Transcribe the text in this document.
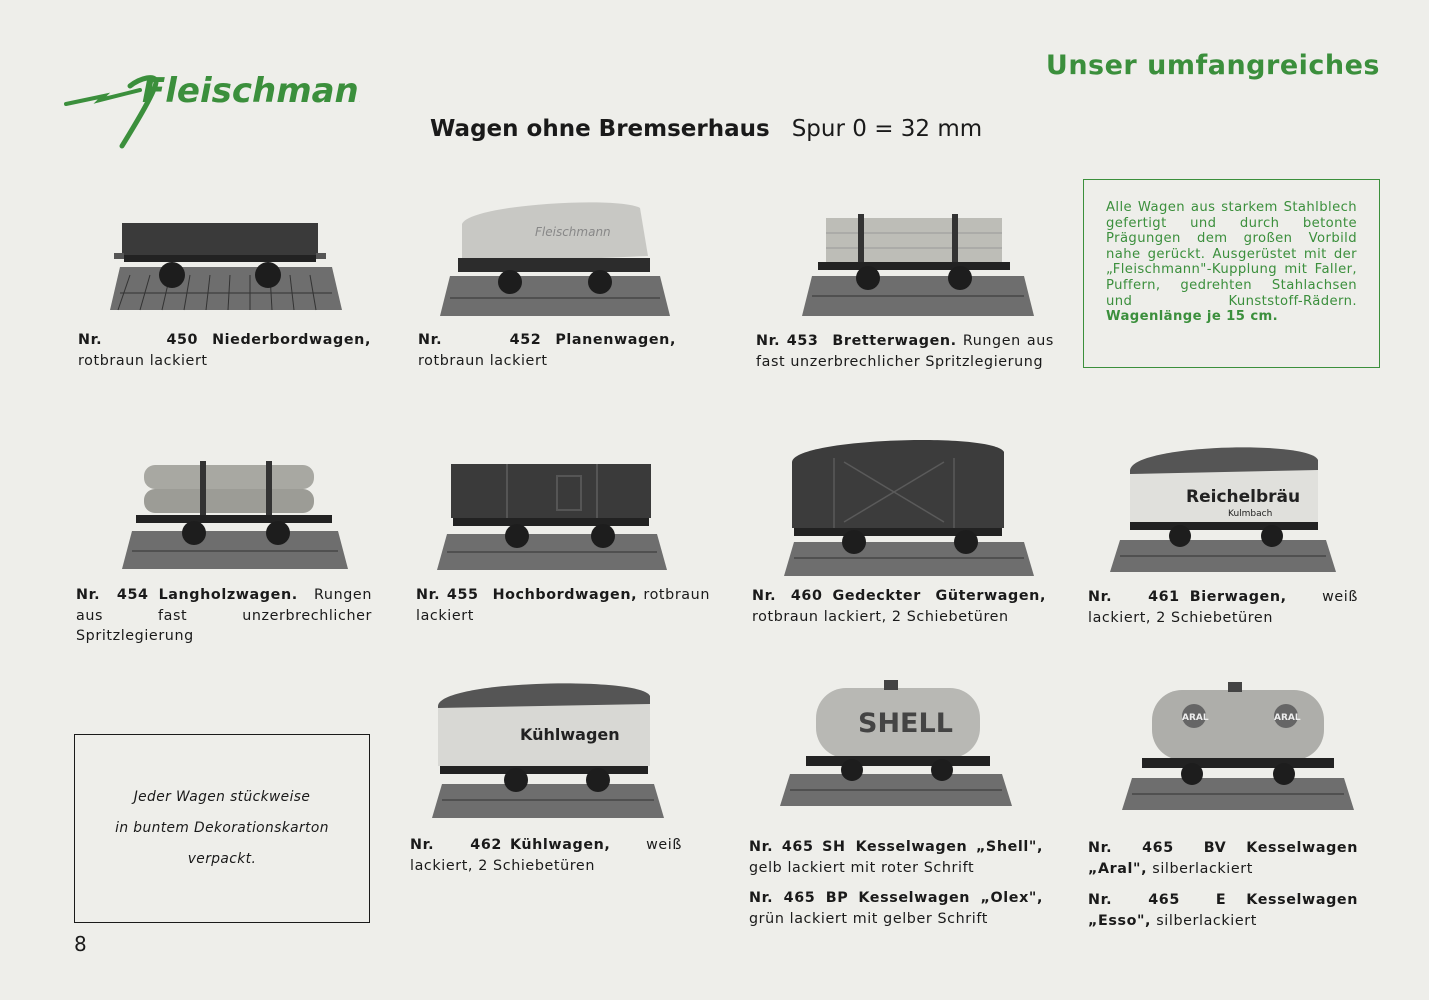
Fleischmann
Unser umfangreiches
Wagen ohne Bremserhaus Spur 0 = 32 mm
Alle Wagen aus starkem Stahlblech gefertigt und durch betonte Prägungen dem großen Vorbild nahe gerückt. Ausgerüstet mit der „Fleischmann"-Kupplung mit Faller, Puffern, gedrehten Stahlachsen und Kunststoff-Rädern. Wagenlänge je 15 cm.
Fleischmann
Reichelbräu
Kulmbach
Kühlwagen	SHELL	ARAL	ARAL
Nr. 450 Niederbordwagen, rotbraun lackiert
Nr. 452 Planenwagen, rotbraun lackiert
Nr. 453 Bretterwagen. Rungen aus fast unzerbrechlicher Spritzlegierung
Nr. 454 Langholzwagen. Rungen aus fast unzerbrechlicher Spritzlegierung
Nr. 455 Hochbordwagen, rotbraun lackiert
Nr. 460 Gedeckter Güterwagen, rotbraun lackiert, 2 Schiebetüren
Nr. 461 Bierwagen, weiß lackiert, 2 Schiebetüren
Nr. 462 Kühlwagen, weiß lackiert, 2 Schiebetüren
Nr. 465 SH Kesselwagen „Shell", gelb lackiert mit roter Schrift
Nr. 465 BP Kesselwagen „Olex", grün lackiert mit gelber Schrift
Nr. 465 BV Kesselwagen „Aral", silberlackiert
Nr. 465 E Kesselwagen „Esso", silberlackiert
Jeder Wagen stückweise
in buntem Dekorationskarton
verpackt.
8
